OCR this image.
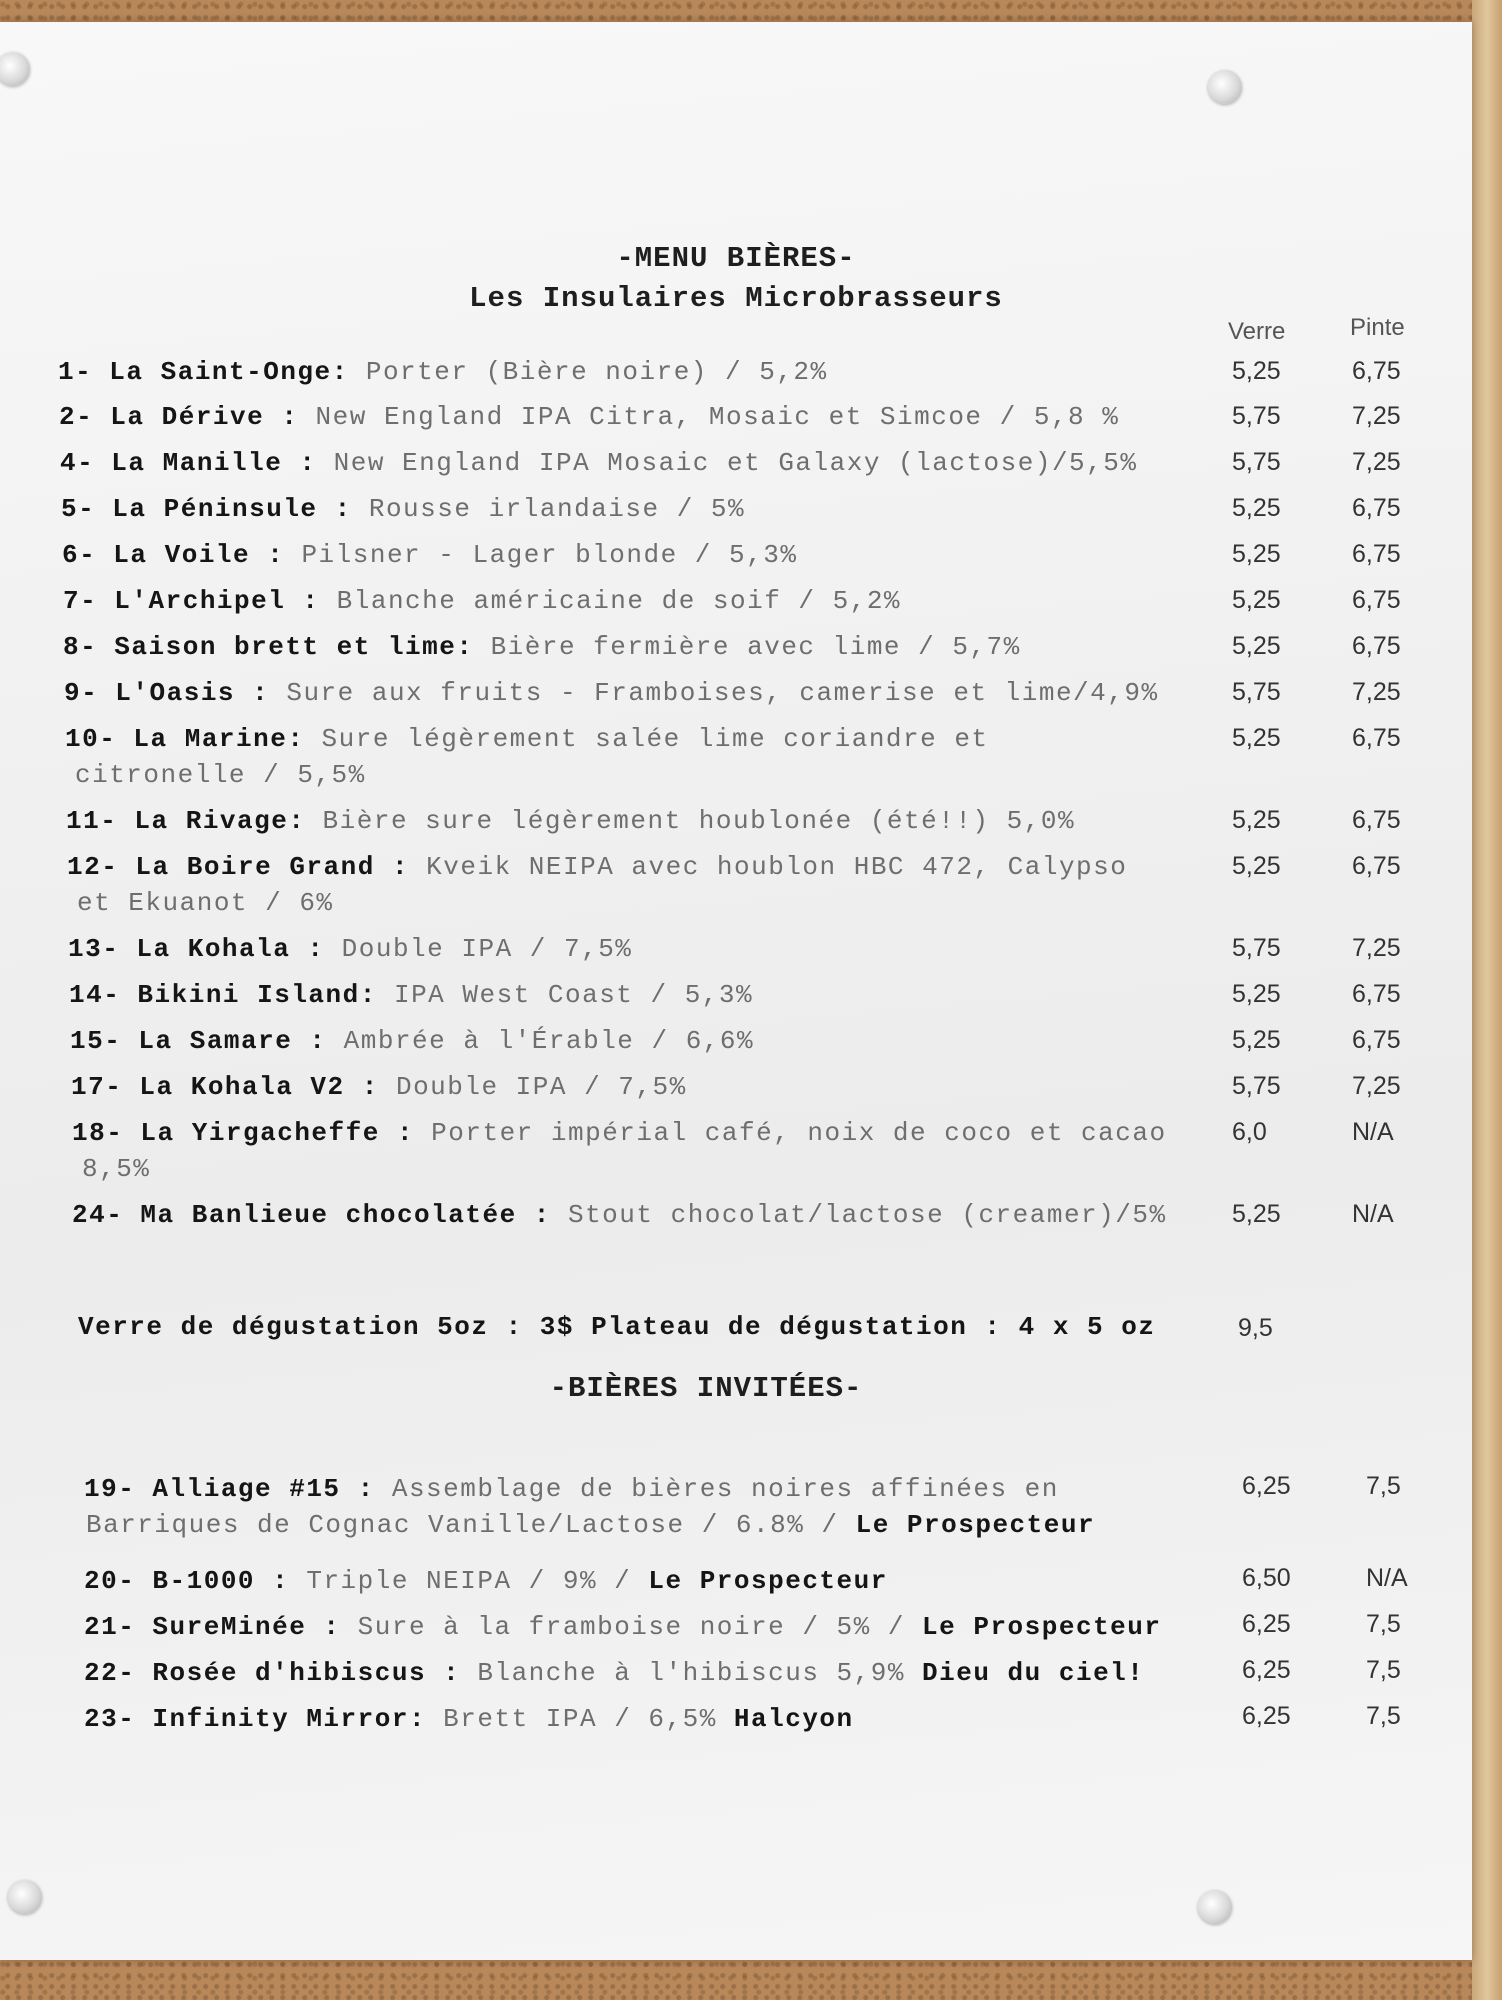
-MENU BIÈRES-
Les Insulaires Microbrasseurs
Verre	Pinte
1- La Saint-Onge: Porter (Bière noire) / 5,2%	5,25	6,75
2- La Dérive : New England IPA Citra, Mosaic et Simcoe / 5,8 %	5,75	7,25
4- La Manille : New England IPA Mosaic et Galaxy (lactose)/5,5%	5,75	7,25
5- La Péninsule : Rousse irlandaise / 5%	5,25	6,75
6- La Voile : Pilsner - Lager blonde / 5,3%	5,25	6,75
7- L'Archipel : Blanche américaine de soif / 5,2%	5,25	6,75
8- Saison brett et lime: Bière fermière avec lime / 5,7%	5,25	6,75
9- L'Oasis : Sure aux fruits - Framboises, camerise et lime/4,9%	5,75	7,25
10- La Marine: Sure légèrement salée lime coriandre et
citronelle / 5,5%
5,25	6,75
11- La Rivage: Bière sure légèrement houblonée (été!!) 5,0%	5,25	6,75
12- La Boire Grand : Kveik NEIPA avec houblon HBC 472, Calypso
et Ekuanot / 6%
5,25	6,75
13- La Kohala : Double IPA / 7,5%	5,75	7,25
14- Bikini Island: IPA West Coast / 5,3%	5,25	6,75
15- La Samare : Ambrée à l'Érable / 6,6%	5,25	6,75
17- La Kohala V2 : Double IPA / 7,5%	5,75	7,25
18- La Yirgacheffe : Porter impérial café, noix de coco et cacao
8,5%
6,0	N/A
24- Ma Banlieue chocolatée : Stout chocolat/lactose (creamer)/5%	5,25	N/A
Verre de dégustation 5oz : 3$ Plateau de dégustation : 4 x 5 oz	9,5
-BIÈRES INVITÉES-
19- Alliage #15 : Assemblage de bières noires affinées en
Barriques de Cognac Vanille/Lactose / 6.8% / Le Prospecteur
6,25	7,5
20- B-1000 : Triple NEIPA / 9% / Le Prospecteur	6,50	N/A
21- SureMinée : Sure à la framboise noire / 5% / Le Prospecteur	6,25	7,5
22- Rosée d'hibiscus : Blanche à l'hibiscus 5,9% Dieu du ciel!	6,25	7,5
23- Infinity Mirror: Brett IPA / 6,5% Halcyon	6,25	7,5
